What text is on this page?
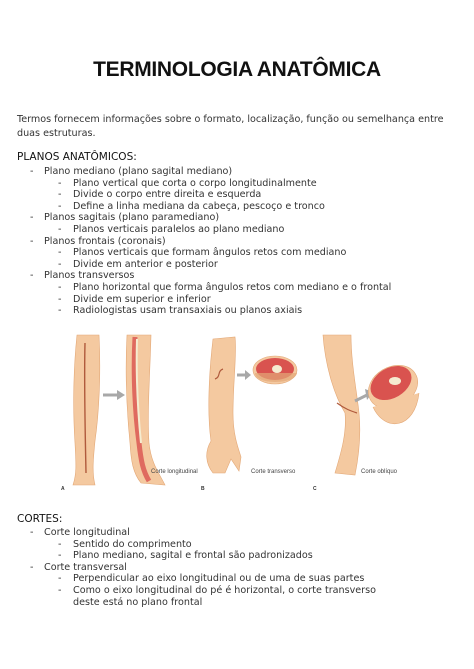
TERMINOLOGIA ANATÔMICA
Termos fornecem informações sobre o formato, localização, função ou semelhança entre duas estruturas.
PLANOS ANATÔMICOS:
- Plano mediano (plano sagital mediano)
- Plano vertical que corta o corpo longitudinalmente
- Divide o corpo entre direita e esquerda
- Define a linha mediana da cabeça, pescoço e tronco
- Planos sagitais (plano paramediano)
- Planos verticais paralelos ao plano mediano
- Planos frontais (coronais)
- Planos verticais que formam ângulos retos com mediano
- Divide em anterior e posterior
- Planos transversos
- Plano horizontal que forma ângulos retos com mediano e o frontal
- Divide em superior e inferior
- Radiologistas usam transaxiais ou planos axiais
A
Corte longitudinal
B
Corte transverso
C
Corte oblíquo
CORTES:
- Corte longitudinal
- Sentido do comprimento
- Plano mediano, sagital e frontal são padronizados
- Corte transversal
- Perpendicular ao eixo longitudinal ou de uma de suas partes
- Como o eixo longitudinal do pé é horizontal, o corte transverso deste está no plano frontal
